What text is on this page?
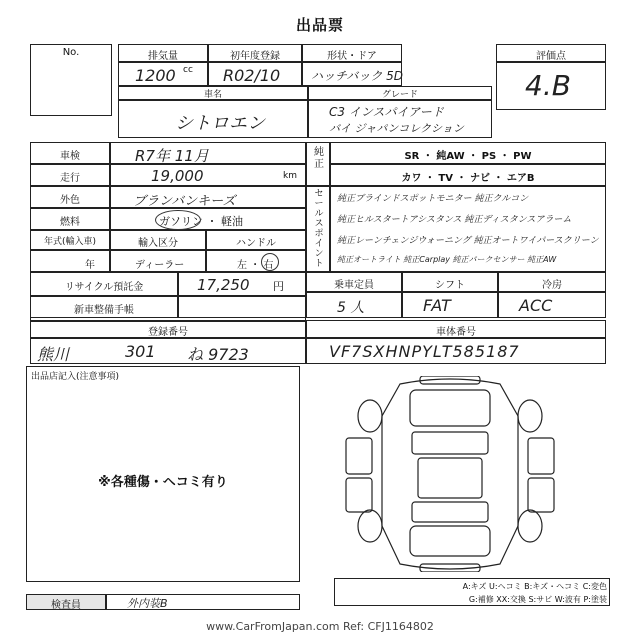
出品票
No.	排気量
1200 cc
初年度登録
R02/10
形状・ドア
ハッチバック 5D
車名
シトロエン
グレード
C3 インスパイアード
バイ ジャパンコレクション
評価点
4.B
車検	R7年 11月
走行	19,000	km
外色	ブランバンキーズ
燃料	ガソリン ・ 軽油
年式(輸入車)	輸入区分	ハンドル
年	ディーラー	左 ・ 右
リサイクル預託金	17,250 円
新車整備手帳
純正
SR ・ 純AW ・ PS ・ PW
カワ ・ TV ・ ナビ ・ エアB
セールスポイント
純正ブラインドスポットモニター 純正クルコン
純正ヒルスタートアシスタンス 純正ディスタンスアラーム
純正レーンチェンジウォーニング 純正オートワイパースクリーン
純正オートライト 純正Carplay 純正パークセンサー 純正AW
乗車定員	シフト	冷房
5 人	FAT	ACC
登録番号
熊川	301 ね 9723
車体番号
VF7SXHNPYLT585187
出品店記入(注意事項)
※各種傷・ヘコミ有り
A:キズ U:ヘコミ B:キズ・ヘコミ C:変色
G:補修 XX:交換 S:サビ W:波有 P:塗装
検査員	外内装B
www.CarFromJapan.com Ref: CFJ1164802
